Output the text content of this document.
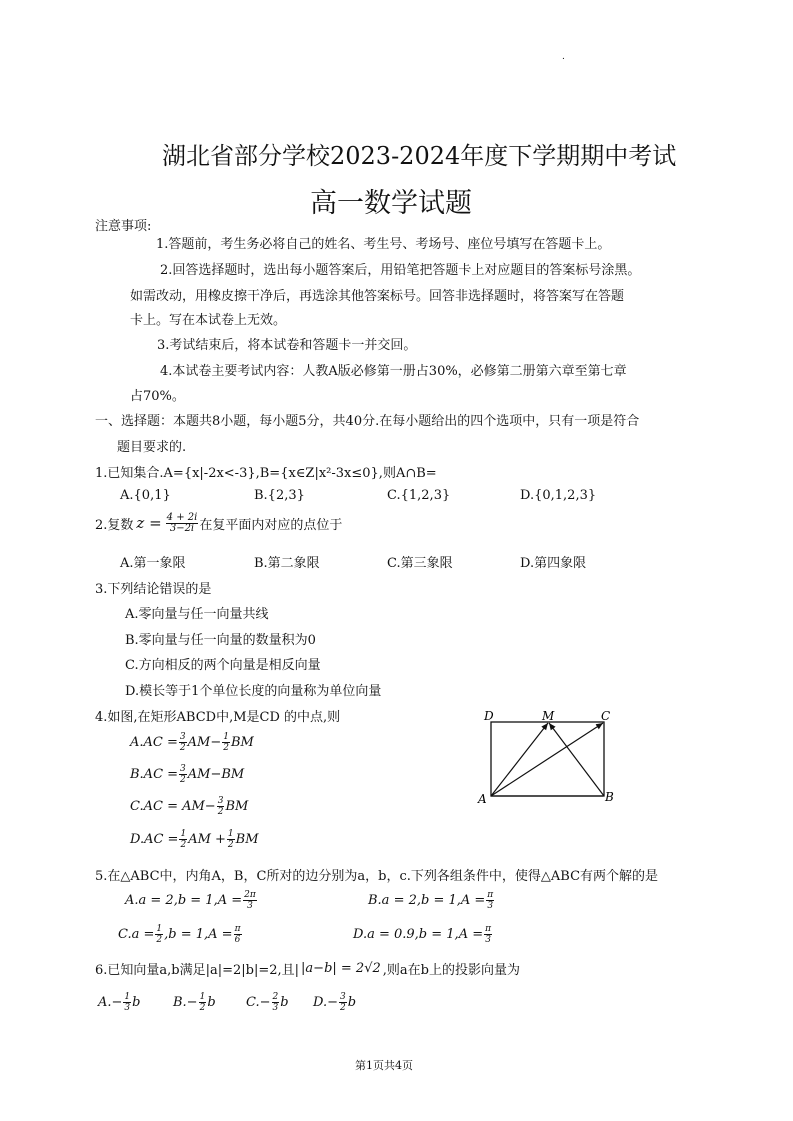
.
湖北省部分学校2023-2024年度下学期期中考试
高一数学试题
注意事项:
1.答题前，考生务必将自己的姓名、考生号、考场号、座位号填写在答题卡上。
2.回答选择题时，选出每小题答案后，用铅笔把答题卡上对应题目的答案标号涂黑。
如需改动，用橡皮擦干净后，再选涂其他答案标号。回答非选择题时，将答案写在答题
卡上。写在本试卷上无效。
3.考试结束后，将本试卷和答题卡一并交回。
4.本试卷主要考试内容：人教A版必修第一册占30%，必修第二册第六章至第七章
占70%。
一、选择题：本题共8小题，每小题5分，共40分.在每小题给出的四个选项中，只有一项是符合
题目要求的.
1.已知集合.A={x|-2x<-3},B={x∈Z|x²-3x≤0},则A∩B=
A.{0,1}	B.{2,3}	C.{1,2,3}	D.{0,1,2,3}
2.复数 $z = \frac{4 + 2i}{3-2i}$ 在复平面内对应的点位于
A.第一象限	B.第二象限	C.第三象限	D.第四象限
3.下列结论错误的是
A.零向量与任一向量共线
B.零向量与任一向量的数量积为0
C.方向相反的两个向量是相反向量
D.模长等于1个单位长度的向量称为单位向量
4.如图,在矩形ABCD中,M是CD 的中点,则
$A.AC = \frac{3}{2} AM- \frac{1}{2}$ BM
$B.AC = \frac{3}{2} AM-BM$
$C.AC = AM- \frac{3}{2}$ BM
$D.AC = \frac{1}{2}$ AM + $\frac{1}{2}$ BM
D	M	C
A	B
5.在△ABC中，内角A，B，C所对的边分别为a，b，c.下列各组条件中，使得△ABC有两个解的是
$A.a = 2,b = 1,A = \frac{2\pi}{3}$	$B.a = 2,b = 1,A = \frac{\pi}{3}$
$C.a = \frac{1}{2} ,b = 1,A = \frac{\pi}{6}$	$D.a = 0.9,b = 1,A = \frac{\pi}{3}$
6.已知向量a,b满足|a|=2|b|=2,且| |a−b| = 2√2 ,则a在b上的投影向量为
$A.- \frac{1}{3}$ b	$B.- \frac{1}{2}$ b $C.- \frac{2}{3}$ b $D.- \frac{3}{2}$ b
第1页共4页
